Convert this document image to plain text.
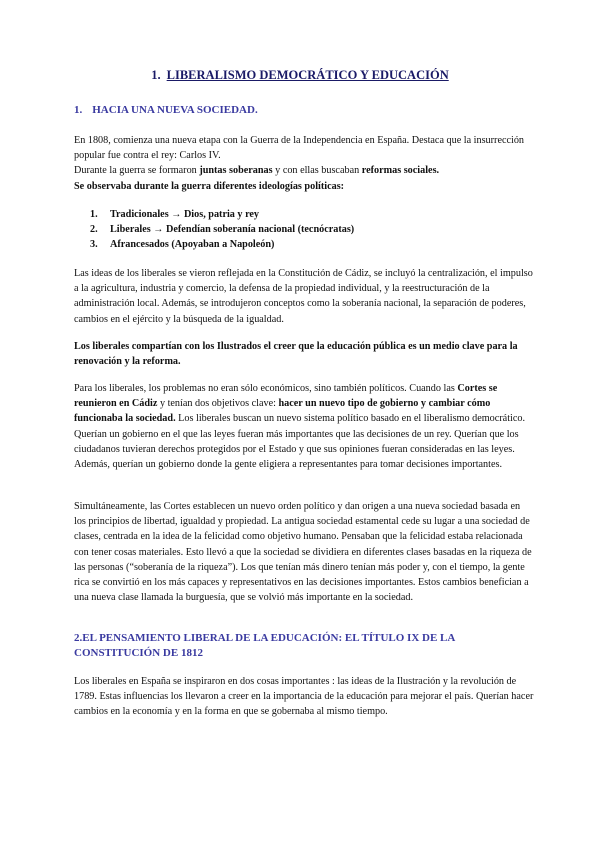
1. LIBERALISMO DEMOCRÁTICO Y EDUCACIÓN
1. HACIA UNA NUEVA SOCIEDAD.
En 1808, comienza una nueva etapa con la Guerra de la Independencia en España. Destaca que la insurrección popular fue contra el rey: Carlos IV.
Durante la guerra se formaron juntas soberanas y con ellas buscaban reformas sociales.
Se observaba durante la guerra diferentes ideologías políticas:
1. Tradicionales → Dios, patria y rey
2. Liberales → Defendían soberanía nacional (tecnócratas)
3. Afrancesados (Apoyaban a Napoleón)
Las ideas de los liberales se vieron reflejada en la Constitución de Cádiz, se incluyó la centralización, el impulso a la agricultura, industria y comercio, la defensa de la propiedad individual, y la reestructuración de la administración local. Además, se introdujeron conceptos como la soberanía nacional, la separación de poderes, cambios en el ejército y la búsqueda de la igualdad.
Los liberales compartían con los Ilustrados el creer que la educación pública es un medio clave para la renovación y la reforma.
Para los liberales, los problemas no eran sólo económicos, sino también políticos. Cuando las Cortes se reunieron en Cádiz y tenían dos objetivos clave: hacer un nuevo tipo de gobierno y cambiar cómo funcionaba la sociedad. Los liberales buscan un nuevo sistema político basado en el liberalismo democrático. Querían un gobierno en el que las leyes fueran más importantes que las decisiones de un rey. Querían que los ciudadanos tuvieran derechos protegidos por el Estado y que sus opiniones fueran consideradas en las leyes. Además, querían un gobierno donde la gente eligiera a representantes para tomar decisiones importantes.
Simultáneamente, las Cortes establecen un nuevo orden político y dan origen a una nueva sociedad basada en los principios de libertad, igualdad y propiedad. La antigua sociedad estamental cede su lugar a una sociedad de clases, centrada en la idea de la felicidad como objetivo humano. Pensaban que la felicidad estaba relacionada con tener cosas materiales. Esto llevó a que la sociedad se dividiera en diferentes clases basadas en la riqueza de las personas (“soberanía de la riqueza”). Los que tenían más dinero tenían más poder y, con el tiempo, la gente rica se convirtió en los más capaces y representativos en las decisiones importantes. Estos cambios benefician a una nueva clase llamada la burguesía, que se volvió más importante en la sociedad.
2.EL PENSAMIENTO LIBERAL DE LA EDUCACIÓN: EL TÍTULO IX DE LA CONSTITUCIÓN DE 1812
Los liberales en España se inspiraron en dos cosas importantes : las ideas de la Ilustración y la revolución de 1789. Estas influencias los llevaron a creer en la importancia de la educación para mejorar el país. Querían hacer cambios en la economía y en la forma en que se gobernaba al mismo tiempo.
